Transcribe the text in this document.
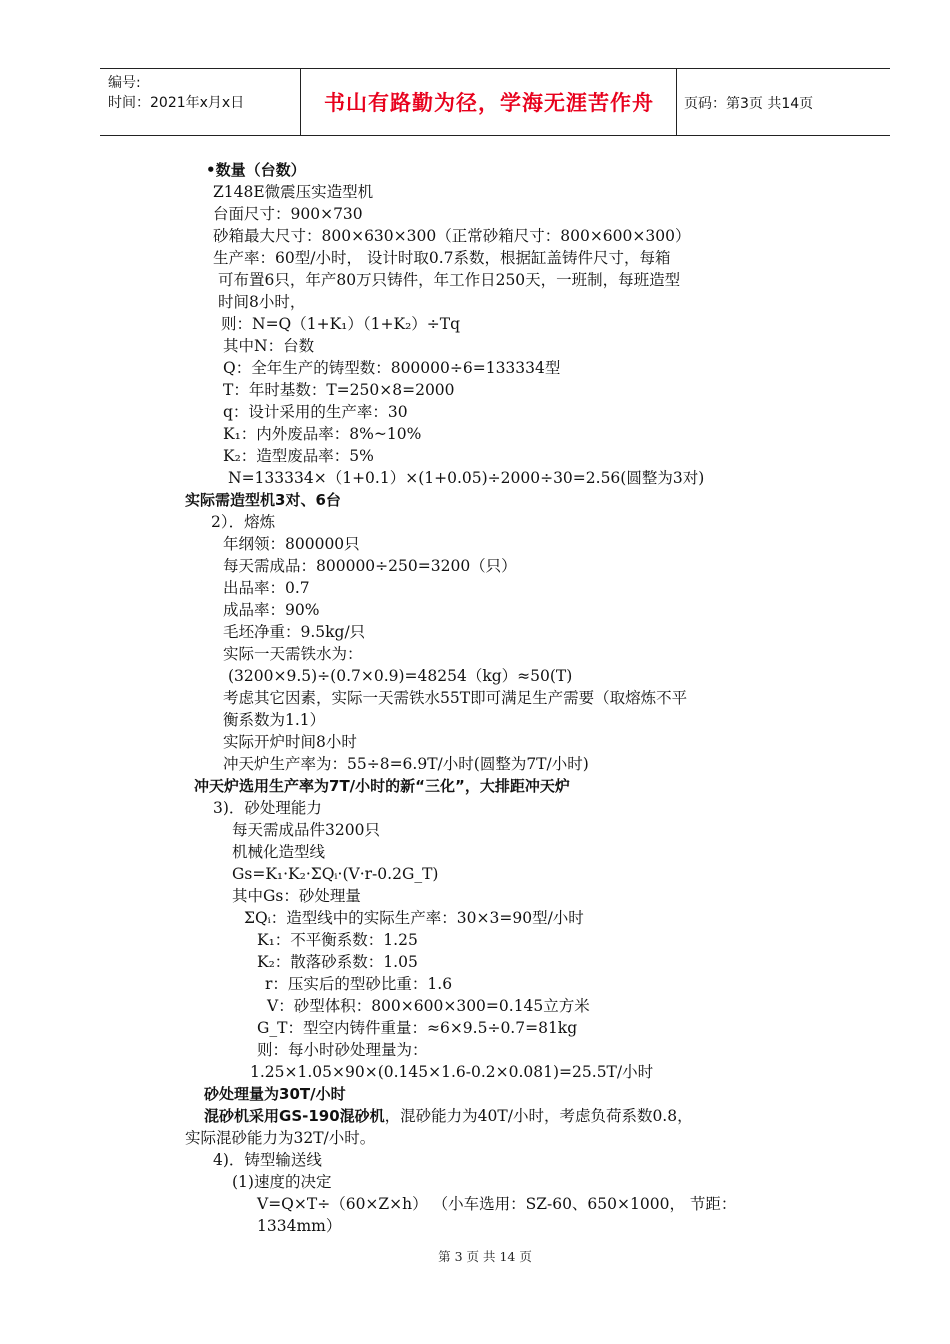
编号:
时间：2021年x月x日	书山有路勤为径，学海无涯苦作舟	页码：第3页 共14页
•数量（台数）
Z148E微震压实造型机
台面尺寸：900×730
砂箱最大尺寸：800×630×300（正常砂箱尺寸：800×600×300）
生产率：60型/小时， 设计时取0.7系数，根据缸盖铸件尺寸，每箱
可布置6只，年产80万只铸件，年工作日250天，一班制，每班造型
时间8小时，
则：N=Q（1+K₁）（1+K₂）÷Tq
其中N：台数
Q：全年生产的铸型数：800000÷6=133334型
T：年时基数：T=250×8=2000
q：设计采用的生产率：30
K₁：内外废品率：8%~10%
K₂：造型废品率：5%
N=133334×（1+0.1）×(1+0.05)÷2000÷30=2.56(圆整为3对)
实际需造型机3对、6台
2）．熔炼
年纲领：800000只
每天需成品：800000÷250=3200（只）
出品率：0.7
成品率：90%
毛坯净重：9.5kg/只
实际一天需铁水为：
(3200×9.5)÷(0.7×0.9)=48254（kg）≈50(T)
考虑其它因素，实际一天需铁水55T即可满足生产需要（取熔炼不平
衡系数为1.1）
实际开炉时间8小时
冲天炉生产率为：55÷8=6.9T/小时(圆整为7T/小时)
冲天炉选用生产率为7T/小时的新“三化”，大排距冲天炉
3)．砂处理能力
每天需成品件3200只
机械化造型线
Gs=K₁·K₂·ΣQᵢ·(V·r-0.2G_T)
其中Gs：砂处理量
ΣQᵢ：造型线中的实际生产率：30×3=90型/小时
K₁：不平衡系数：1.25
K₂：散落砂系数：1.05
r：压实后的型砂比重：1.6
V：砂型体积：800×600×300=0.145立方米
G_T：型空内铸件重量：≈6×9.5÷0.7=81kg
则：每小时砂处理量为：
1.25×1.05×90×(0.145×1.6-0.2×0.081)=25.5T/小时
砂处理量为30T/小时
混砂机采用GS-190混砂机，混砂能力为40T/小时，考虑负荷系数0.8，
实际混砂能力为32T/小时。
4)．铸型输送线
(1)速度的决定
V=Q×T÷（60×Z×h） （小车选用：SZ-60、650×1000， 节距：
1334mm）
第 3 页 共 14 页
